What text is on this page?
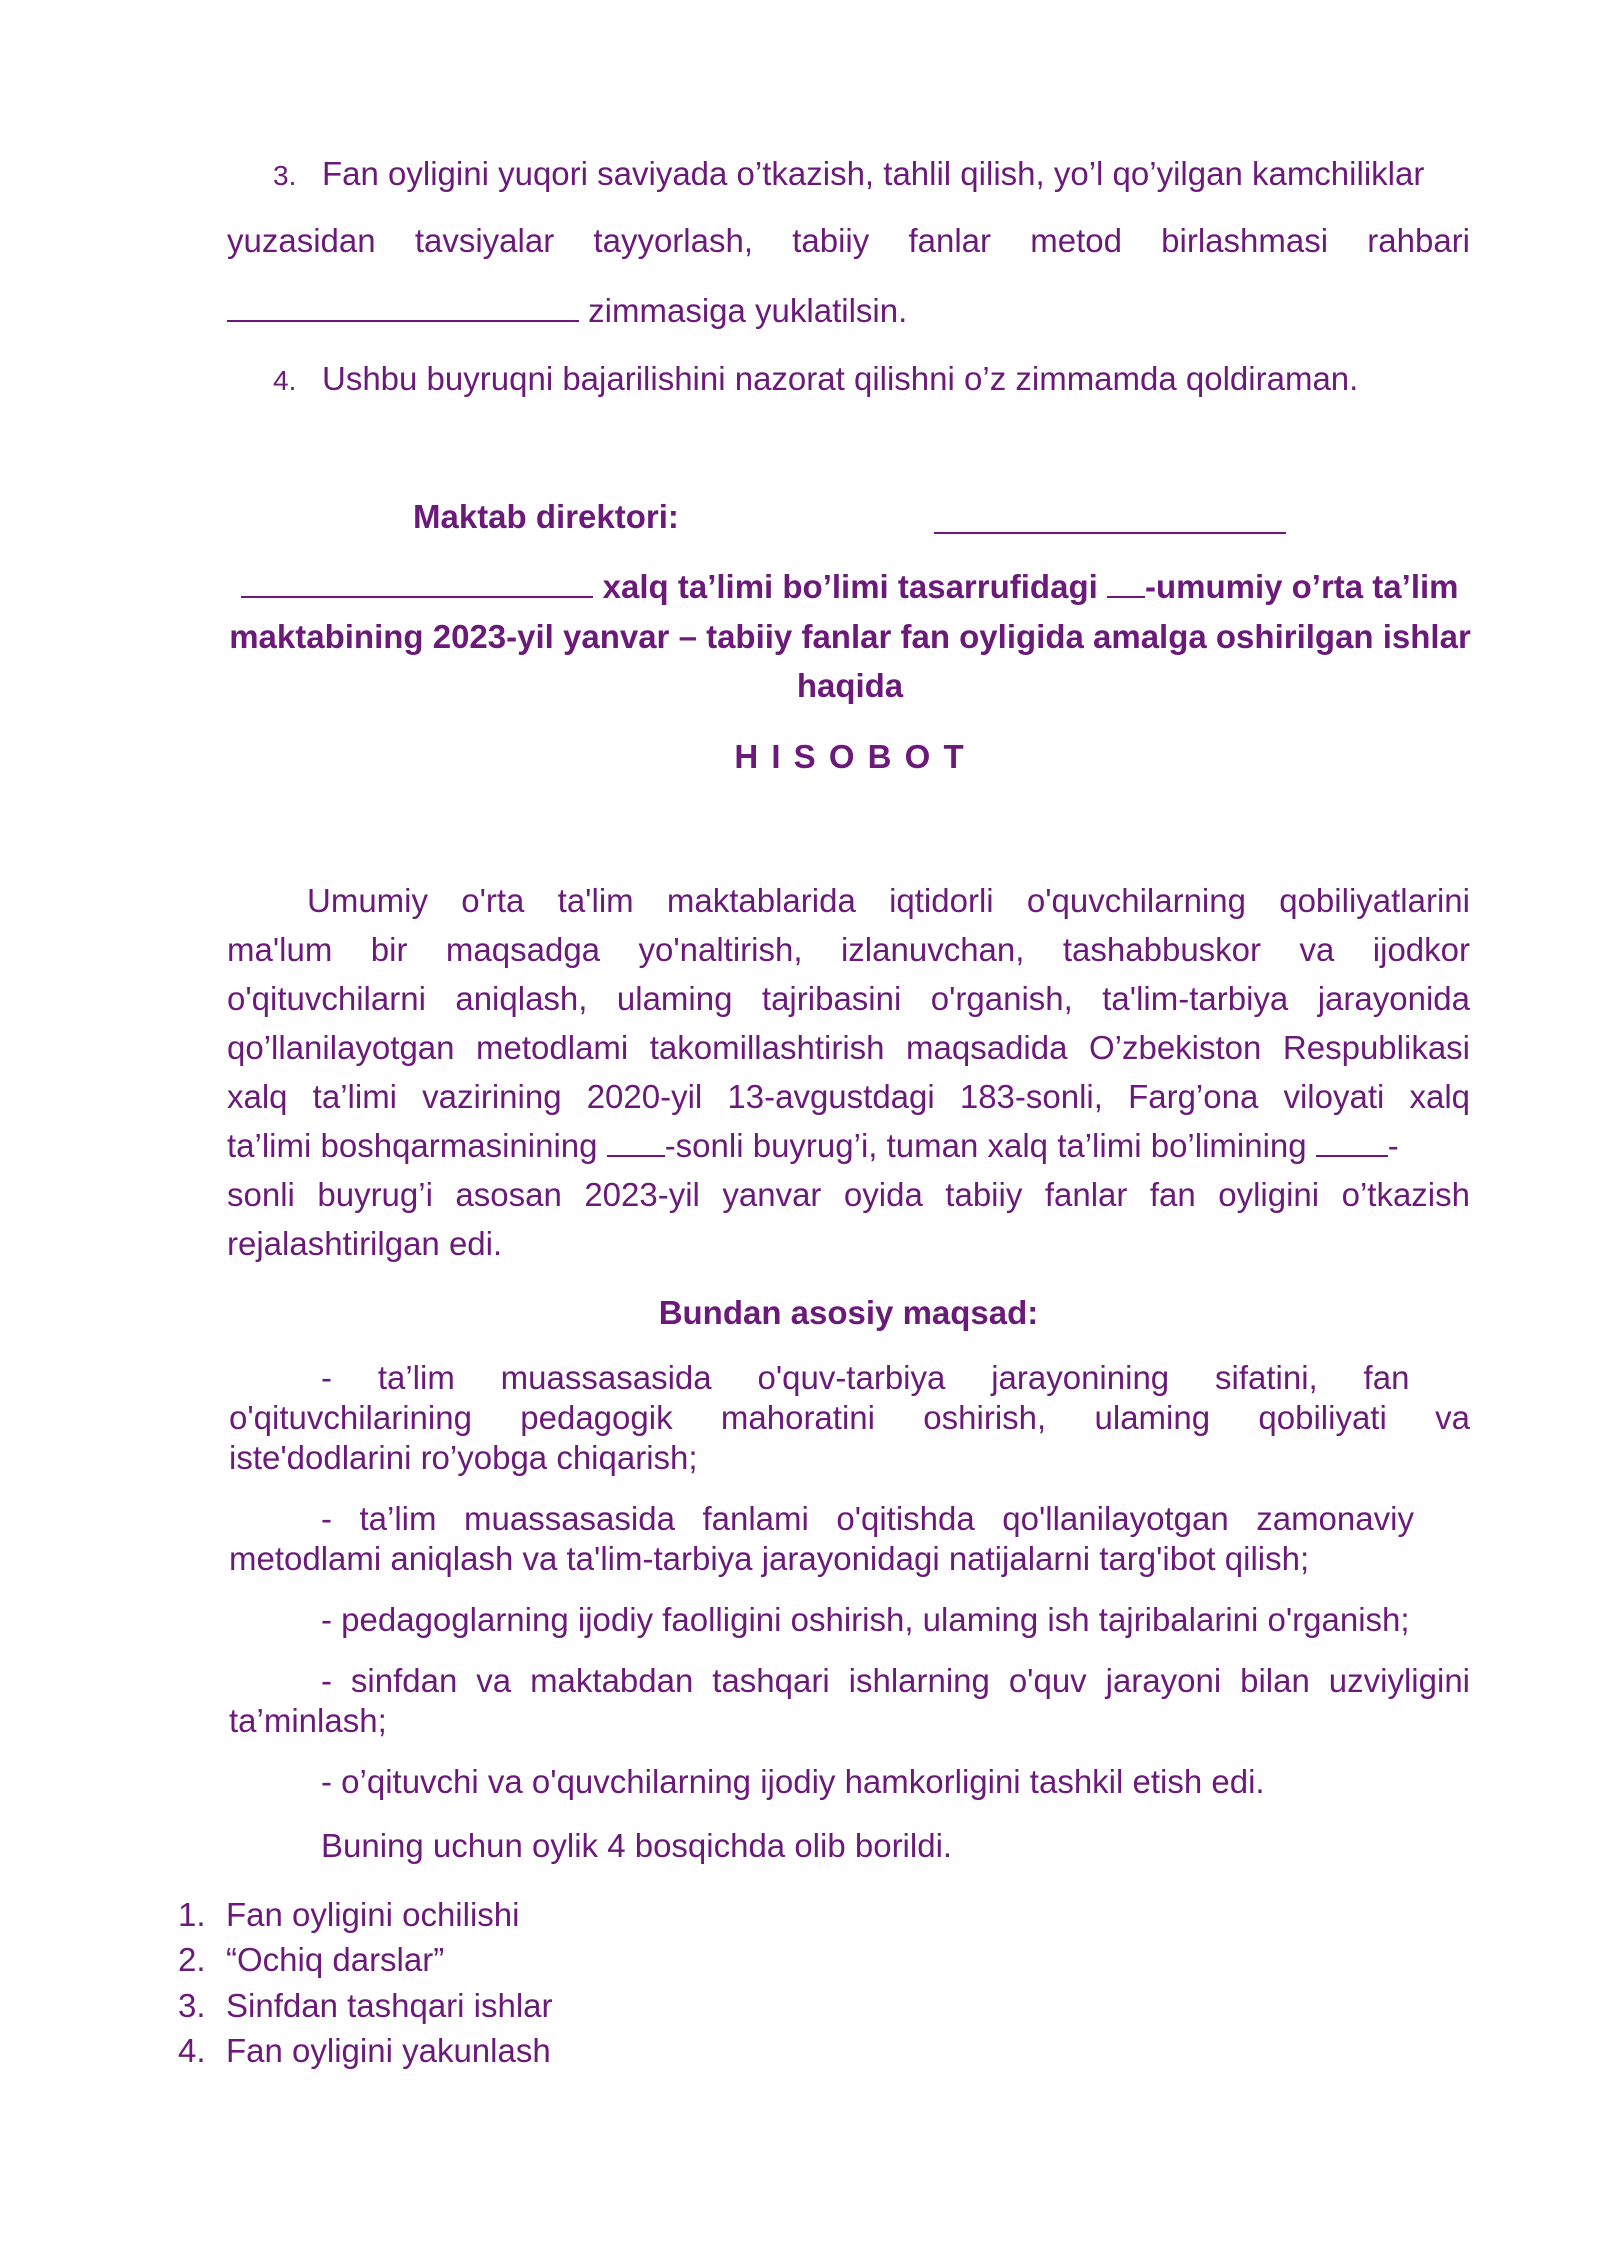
3. Fan oyligini yuqori saviyada o’tkazish, tahlil qilish, yo’l qo’yilgan kamchiliklar
yuzasidan tavsiyalar tayyorlash, tabiiy fanlar metod birlashmasi rahbari
zimmasiga yuklatilsin.
4. Ushbu buyruqni bajarilishini nazorat qilishni o’z zimmamda qoldiraman.
Maktab direktori:
xalq ta’limi bo’limi tasarrufidagi -umumiy o’rta ta’lim
maktabining 2023-yil yanvar – tabiiy fanlar fan oyligida amalga oshirilgan ishlar
haqida
H I S O B O T
Umumiy o'rta ta'lim maktablarida iqtidorli o'quvchilarning qobiliyatlarini
ma'lum bir maqsadga yo'naltirish, izlanuvchan, tashabbuskor va ijodkor
o'qituvchilarni aniqlash, ulaming tajribasini o'rganish, ta'lim-tarbiya jarayonida
qo’llanilayotgan metodlami takomillashtirish maqsadida O’zbekiston Respublikasi
xalq ta’limi vazirining 2020-yil 13-avgustdagi 183-sonli, Farg’ona viloyati xalq
ta’limi boshqarmasinining -sonli buyrug’i, tuman xalq ta’limi bo’limining -
sonli buyrug’i asosan 2023-yil yanvar oyida tabiiy fanlar fan oyligini o’tkazish
rejalashtirilgan edi.
Bundan asosiy maqsad:
-     ta’lim     muassasasida     o'quv-tarbiya     jarayonining     sifatini,     fan
o'qituvchilarining pedagogik mahoratini oshirish, ulaming qobiliyati va
iste'dodlarini ro’yobga chiqarish;
-   ta’lim   muassasasida   fanlami   o'qitishda   qo'llanilayotgan   zamonaviy
metodlami aniqlash va ta'lim-tarbiya jarayonidagi natijalarni targ'ibot qilish;
- pedagoglarning ijodiy faolligini oshirish, ulaming ish tajribalarini o'rganish;
- sinfdan va maktabdan tashqari ishlarning o'quv jarayoni bilan uzviyligini
ta’minlash;
- o’qituvchi va o'quvchilarning ijodiy hamkorligini tashkil etish edi.
Buning uchun oylik 4 bosqichda olib borildi.
1. Fan oyligini ochilishi
2. “Ochiq darslar”
3. Sinfdan tashqari ishlar
4. Fan oyligini yakunlash
